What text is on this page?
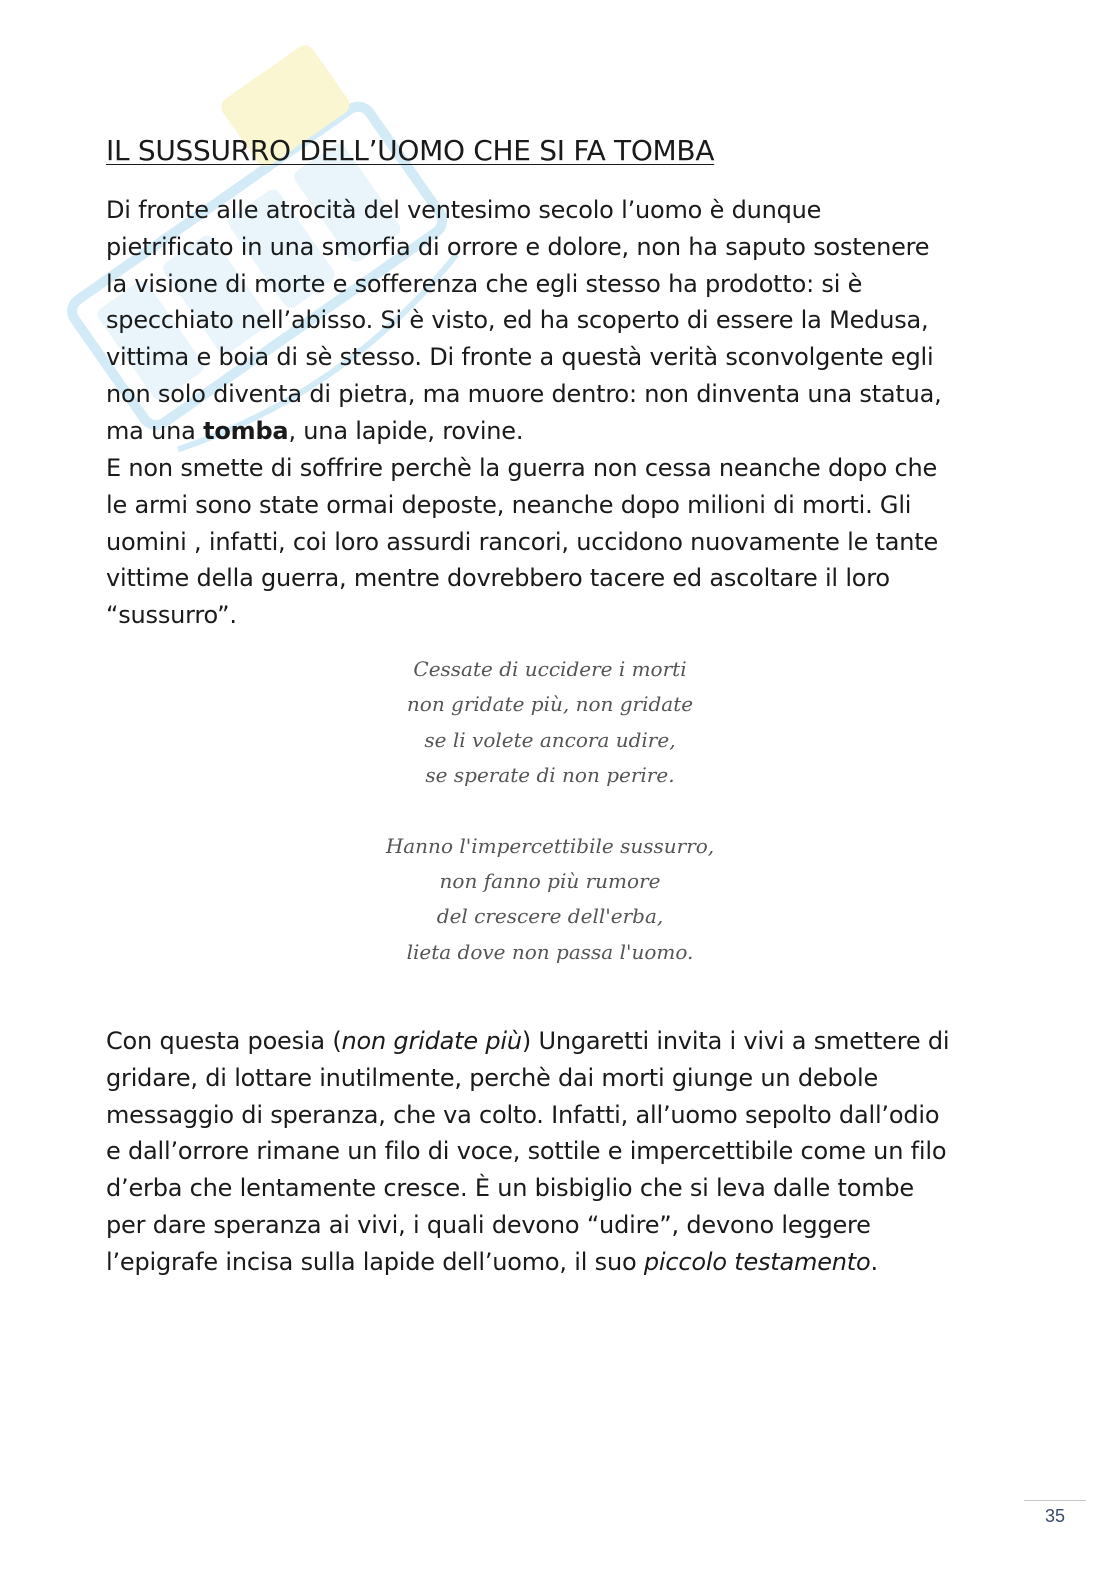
IL SUSSURRO DELL’UOMO CHE SI FA TOMBA

Di fronte alle atrocità del ventesimo secolo l’uomo è dunque
pietrificato in una smorfia di orrore e dolore, non ha saputo sostenere
la visione di morte e sofferenza che egli stesso ha prodotto: si è
specchiato nell’abisso. Si è visto, ed ha scoperto di essere la Medusa,
vittima e boia di sè stesso. Di fronte a questà verità sconvolgente egli
non solo diventa di pietra, ma muore dentro: non dinventa una statua,
ma una tomba, una lapide, rovine.

E non smette di soffrire perchè la guerra non cessa neanche dopo che
le armi sono state ormai deposte, neanche dopo milioni di morti. Gli
uomini , infatti, coi loro assurdi rancori, uccidono nuovamente le tante
vittime della guerra, mentre dovrebbero tacere ed ascoltare il loro
“sussurro”.

Cessate di uccidere i morti
non gridate più, non gridate
se li volete ancora udire,
se sperate di non perire.
Hanno l'impercettibile sussurro,
non fanno più rumore
del crescere dell'erba,
lieta dove non passa l'uomo.

Con questa poesia (non gridate più) Ungaretti invita i vivi a smettere di
gridare, di lottare inutilmente, perchè dai morti giunge un debole
messaggio di speranza, che va colto. Infatti, all’uomo sepolto dall’odio
e dall’orrore rimane un filo di voce, sottile e impercettibile come un filo
d’erba che lentamente cresce. È un bisbiglio che si leva dalle tombe
per dare speranza ai vivi, i quali devono “udire”, devono leggere
l’epigrafe incisa sulla lapide dell’uomo, il suo piccolo testamento.

35
